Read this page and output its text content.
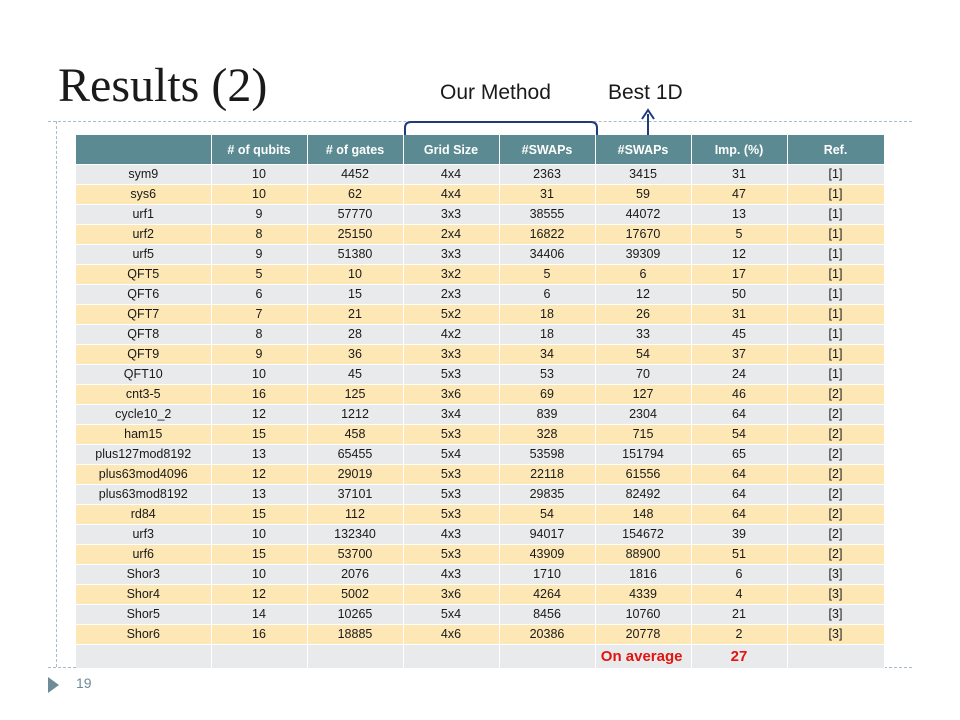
Results (2)	Our Method	Best 1D
	# of qubits	# of gates	Grid Size	#SWAPs	#SWAPs	Imp. (%)	Ref.
sym9	10	4452	4x4	2363	3415	31	[1]
sys6	10	62	4x4	31	59	47	[1]
urf1	9	57770	3x3	38555	44072	13	[1]
urf2	8	25150	2x4	16822	17670	5	[1]
urf5	9	51380	3x3	34406	39309	12	[1]
QFT5	5	10	3x2	5	6	17	[1]
QFT6	6	15	2x3	6	12	50	[1]
QFT7	7	21	5x2	18	26	31	[1]
QFT8	8	28	4x2	18	33	45	[1]
QFT9	9	36	3x3	34	54	37	[1]
QFT10	10	45	5x3	53	70	24	[1]
cnt3-5	16	125	3x6	69	127	46	[2]
cycle10_2	12	1212	3x4	839	2304	64	[2]
ham15	15	458	5x3	328	715	54	[2]
plus127mod8192	13	65455	5x4	53598	151794	65	[2]
plus63mod4096	12	29019	5x3	22118	61556	64	[2]
plus63mod8192	13	37101	5x3	29835	82492	64	[2]
rd84	15	112	5x3	54	148	64	[2]
urf3	10	132340	4x3	94017	154672	39	[2]
urf6	15	53700	5x3	43909	88900	51	[2]
Shor3	10	2076	4x3	1710	1816	6	[3]
Shor4	12	5002	3x6	4264	4339	4	[3]
Shor5	14	10265	5x4	8456	10760	21	[3]
Shor6	16	18885	4x6	20386	20778	2	[3]
					On average	27	
19
